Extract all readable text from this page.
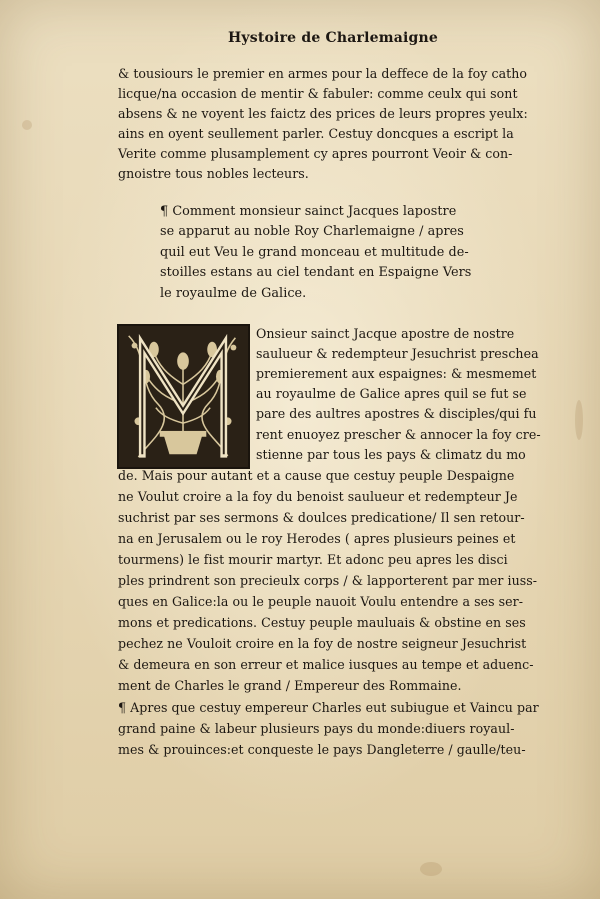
Hystoire de Charlemaigne
& tousiours le premier en armes pour la deffece de la foy catho
licque/na occasion de mentir & fabuler: comme ceulx qui sont
absens & ne voyent les faictz des prices de leurs propres yeulx:
ains en oyent seullement parler. Cestuy doncques a escript la
Verite comme plusamplement cy apres pourront Veoir & con-
gnoistre tous nobles lecteurs.
¶ Comment monsieur sainct Jacques lapostre
se apparut au noble Roy Charlemaigne / apres
quil eut Veu le grand monceau et multitude de-
stoilles estans au ciel tendant en Espaigne Vers
le royaulme de Galice.
Onsieur sainct Jacque apostre de nostre
saulueur & redempteur Jesuchrist preschea
premierement aux espaignes: & mesmemet
au royaulme de Galice apres quil se fut se
pare des aultres apostres & disciples/qui fu
rent enuoyez prescher & annocer la foy cre-
stienne par tous les pays & climatz du mo
de. Mais pour autant et a cause que cestuy peuple Despaigne
ne Voulut croire a la foy du benoist saulueur et redempteur Je
suchrist par ses sermons & doulces predicatione/ Il sen retour-
na en Jerusalem ou le roy Herodes ( apres plusieurs peines et
tourmens) le fist mourir martyr. Et adonc peu apres les disci
ples prindrent son precieulx corps / & lapporterent par mer iuss-
ques en Galice:la ou le peuple nauoit Voulu entendre a ses ser-
mons et predications. Cestuy peuple mauluais & obstine en ses
pechez ne Vouloit croire en la foy de nostre seigneur Jesuchrist
& demeura en son erreur et malice iusques au tempe et aduenc-
ment de Charles le grand / Empereur des Rommaine.
¶ Apres que cestuy empereur Charles eut subiugue et Vaincu par
grand paine & labeur plusieurs pays du monde:diuers royaul-
mes & prouinces:et conqueste le pays Dangleterre / gaulle/teu-
